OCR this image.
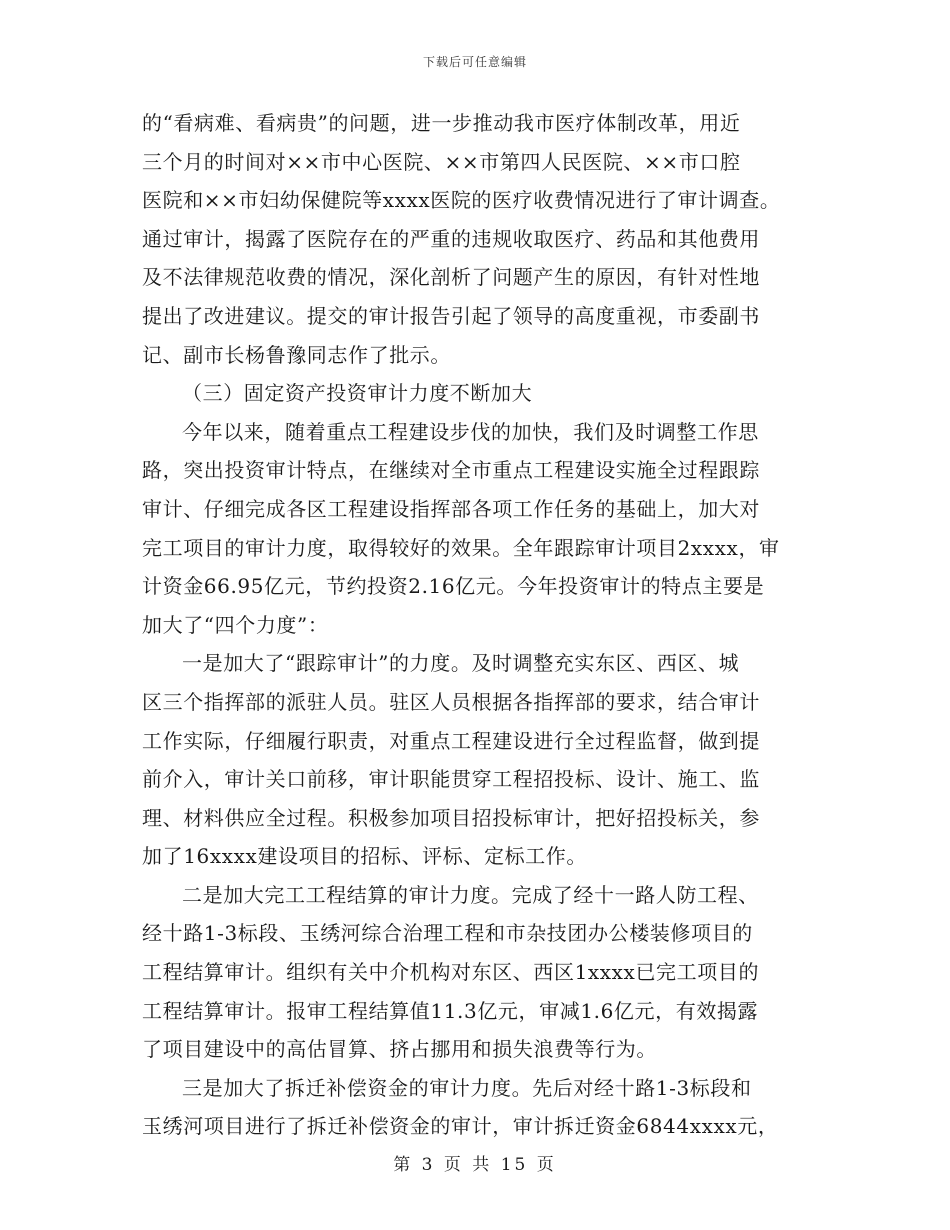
下载后可任意编辑
的“看病难、看病贵”的问题，进一步推动我市医疗体制改革，用近
三个月的时间对××市中心医院、××市第四人民医院、××市口腔
医院和××市妇幼保健院等xxxx医院的医疗收费情况进行了审计调查。
通过审计，揭露了医院存在的严重的违规收取医疗、药品和其他费用
及不法律规范收费的情况，深化剖析了问题产生的原因，有针对性地
提出了改进建议。提交的审计报告引起了领导的高度重视，市委副书
记、副市长杨鲁豫同志作了批示。
（三）固定资产投资审计力度不断加大
今年以来，随着重点工程建设步伐的加快，我们及时调整工作思
路，突出投资审计特点，在继续对全市重点工程建设实施全过程跟踪
审计、仔细完成各区工程建设指挥部各项工作任务的基础上，加大对
完工项目的审计力度，取得较好的效果。全年跟踪审计项目2xxxx，审
计资金66.95亿元，节约投资2.16亿元。今年投资审计的特点主要是
加大了“四个力度”：
一是加大了“跟踪审计”的力度。及时调整充实东区、西区、城
区三个指挥部的派驻人员。驻区人员根据各指挥部的要求，结合审计
工作实际，仔细履行职责，对重点工程建设进行全过程监督，做到提
前介入，审计关口前移，审计职能贯穿工程招投标、设计、施工、监
理、材料供应全过程。积极参加项目招投标审计，把好招投标关，参
加了16xxxx建设项目的招标、评标、定标工作。
二是加大完工工程结算的审计力度。完成了经十一路人防工程、
经十路1-3标段、玉绣河综合治理工程和市杂技团办公楼装修项目的
工程结算审计。组织有关中介机构对东区、西区1xxxx已完工项目的
工程结算审计。报审工程结算值11.3亿元，审减1.6亿元，有效揭露
了项目建设中的高估冒算、挤占挪用和损失浪费等行为。
三是加大了拆迁补偿资金的审计力度。先后对经十路1-3标段和
玉绣河项目进行了拆迁补偿资金的审计，审计拆迁资金6844xxxx元，
第 3 页 共 15 页
